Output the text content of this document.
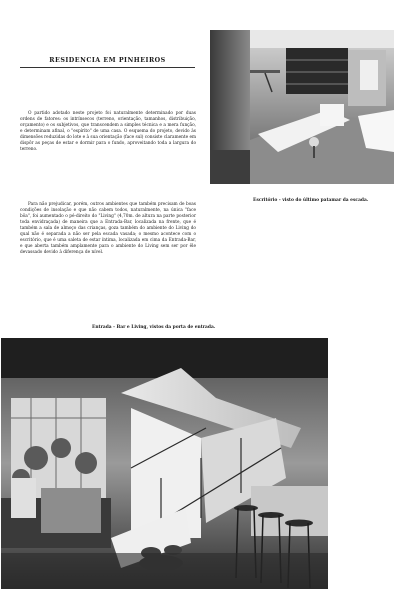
RESIDENCIA EM PINHEIROS

O partido adotado neste projeto foi naturalmente determinado por duas ordens de fatores: os intrínsecos (terreno, orientação, tamanhos, distribuição, orçamento) e os subjetivos, que transcendem a simples técnica e a mera função, e determinam afinal, o "espírito" de uma casa. O esquema do projeto, devido às dimensões reduzidas do lote e à sua orientação (face sul) consiste claramente em dispôr as peças de estar e dormir para o fundo, aproveitando toda a largura do terreno.

Para não prejudicar, porém, outros ambientes que também precisam de boas condições de insolação e que não cabem todos, naturalmente, na única "face bôa", foi aumentado o pé-direito do "Living" (4,70m. de altura na parte posterior toda envidraçada) de maneira que a Entrada-Bar, localizada na frente, que é também a sala de almoço das crianças, goza também do ambiente do Living do qual não é separada a não ser pela escada vasada; o mesmo acontece com o escritório, que é uma saleta de estar íntima, localizada em cima da Entrada-Bar, e que aberta também amplamente para o ambiente do Living sem ser por êle devassado devido à diferença de nível.

Escritório - visto do último patamar da escada.
Entrada - Bar e Living, vistos da porta de entrada.
